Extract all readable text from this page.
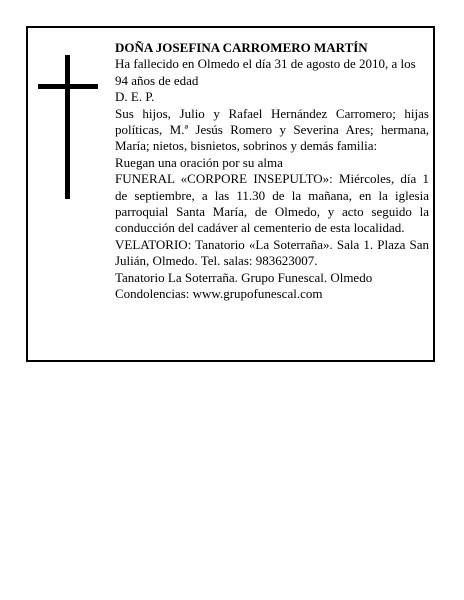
DOÑA JOSEFINA CARROMERO MARTÍN

Ha fallecido en Olmedo el día 31 de agosto de 2010, a los 94 años de edad

D. E. P.

Sus hijos, Julio y Rafael Hernández Carromero; hijas políticas, M.ª Jesús Romero y Severina Ares; hermana, María; nietos, bisnietos, sobrinos y demás familia:

Ruegan una oración por su alma

FUNERAL «CORPORE INSEPULTO»: Miércoles, día 1 de septiembre, a las 11.30 de la mañana, en la iglesia parroquial Santa María, de Olmedo, y acto seguido la conducción del cadáver al cementerio de esta localidad.

VELATORIO: Tanatorio «La Soterraña». Sala 1. Plaza San Julián, Olmedo. Tel. salas: 983623007.

Tanatorio La Soterraña. Grupo Funescal. Olmedo

Condolencias: www.grupofunescal.com
